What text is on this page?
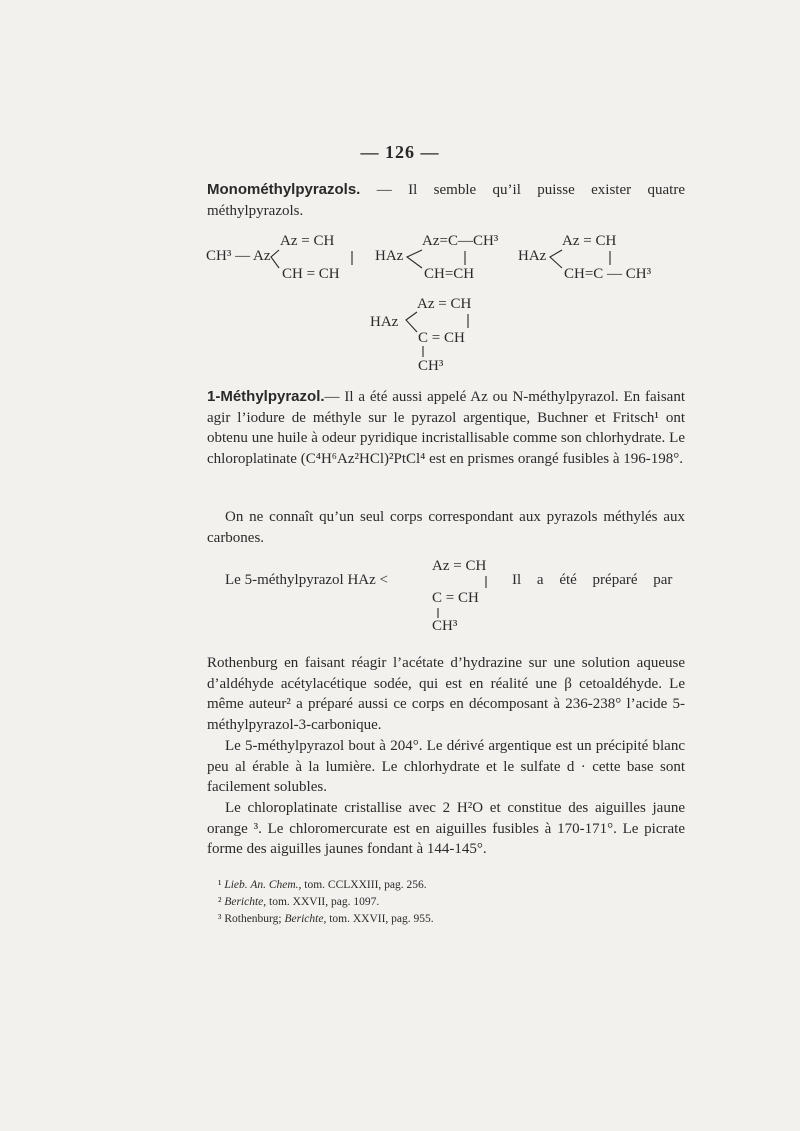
— 126 —
Monométhylpyrazols. — Il semble qu’il puisse exister quatre méthylpyrazols.
CH³ — Az
Az = CH
CH = CH
HAz
Az=C—CH³
CH=CH
HAz
Az = CH
CH=C — CH³
HAz
Az = CH
C = CH
CH³
1-Méthylpyrazol.— Il a été aussi appelé Az ou N-méthylpyrazol. En faisant agir l’iodure de méthyle sur le pyrazol argentique, Buchner et Fritsch¹ ont obtenu une huile à odeur pyridique incristallisable comme son chlorhydrate. Le chloroplatinate (C⁴H⁶Az²HCl)²PtCl⁴ est en prismes orangé fusibles à 196-198°.
On ne connaît qu’un seul corps correspondant aux pyrazols méthylés aux carbones.
Le 5-méthylpyrazol HAz <	Il a été préparé par
Az = CH
C = CH
CH³
Rothenburg en faisant réagir l’acétate d’hydrazine sur une solution aqueuse d’aldéhyde acétylacétique sodée, qui est en réalité une β cetoaldéhyde. Le même auteur² a préparé aussi ce corps en décomposant à 236-238° l’acide 5-méthylpyrazol-3-carbonique.
Le 5-méthylpyrazol bout à 204°. Le dérivé argentique est un précipité blanc peu al érable à la lumière. Le chlorhydrate et le sulfate d · cette base sont facilement solubles.
Le chloroplatinate cristallise avec 2 H²O et constitue des aiguilles jaune orange ³. Le chloromercurate est en aiguilles fusibles à 170-171°. Le picrate forme des aiguilles jaunes fondant à 144-145°.
¹ Lieb. An. Chem., tom. CCLXXIII, pag. 256.
² Berichte, tom. XXVII, pag. 1097.
³ Rothenburg; Berichte, tom. XXVII, pag. 955.
